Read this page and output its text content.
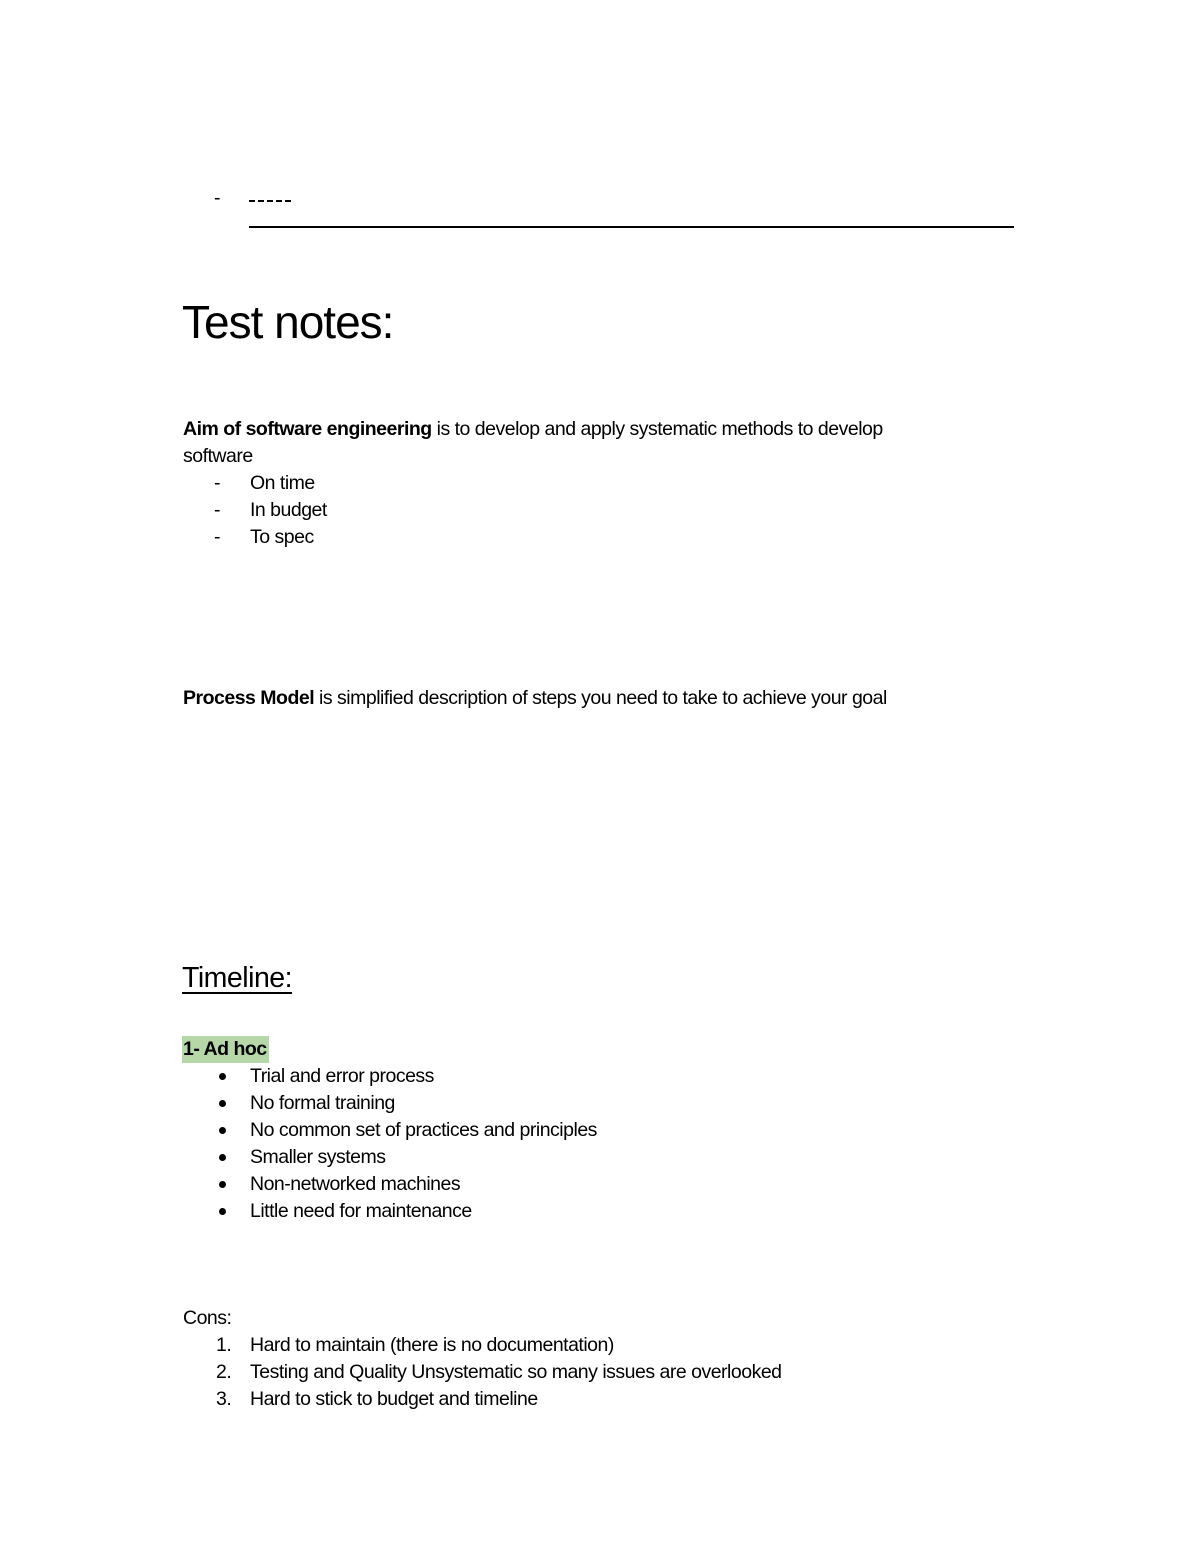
-
Test notes:
Aim of software engineering is to develop and apply systematic methods to develop
software
- On time
- In budget
- To spec
Process Model is simplified description of steps you need to take to achieve your goal
Timeline:
1- Ad hoc
Trial and error process
No formal training
No common set of practices and principles
Smaller systems
Non-networked machines
Little need for maintenance
Cons:
1. Hard to maintain (there is no documentation)
2. Testing and Quality Unsystematic so many issues are overlooked
3. Hard to stick to budget and timeline
